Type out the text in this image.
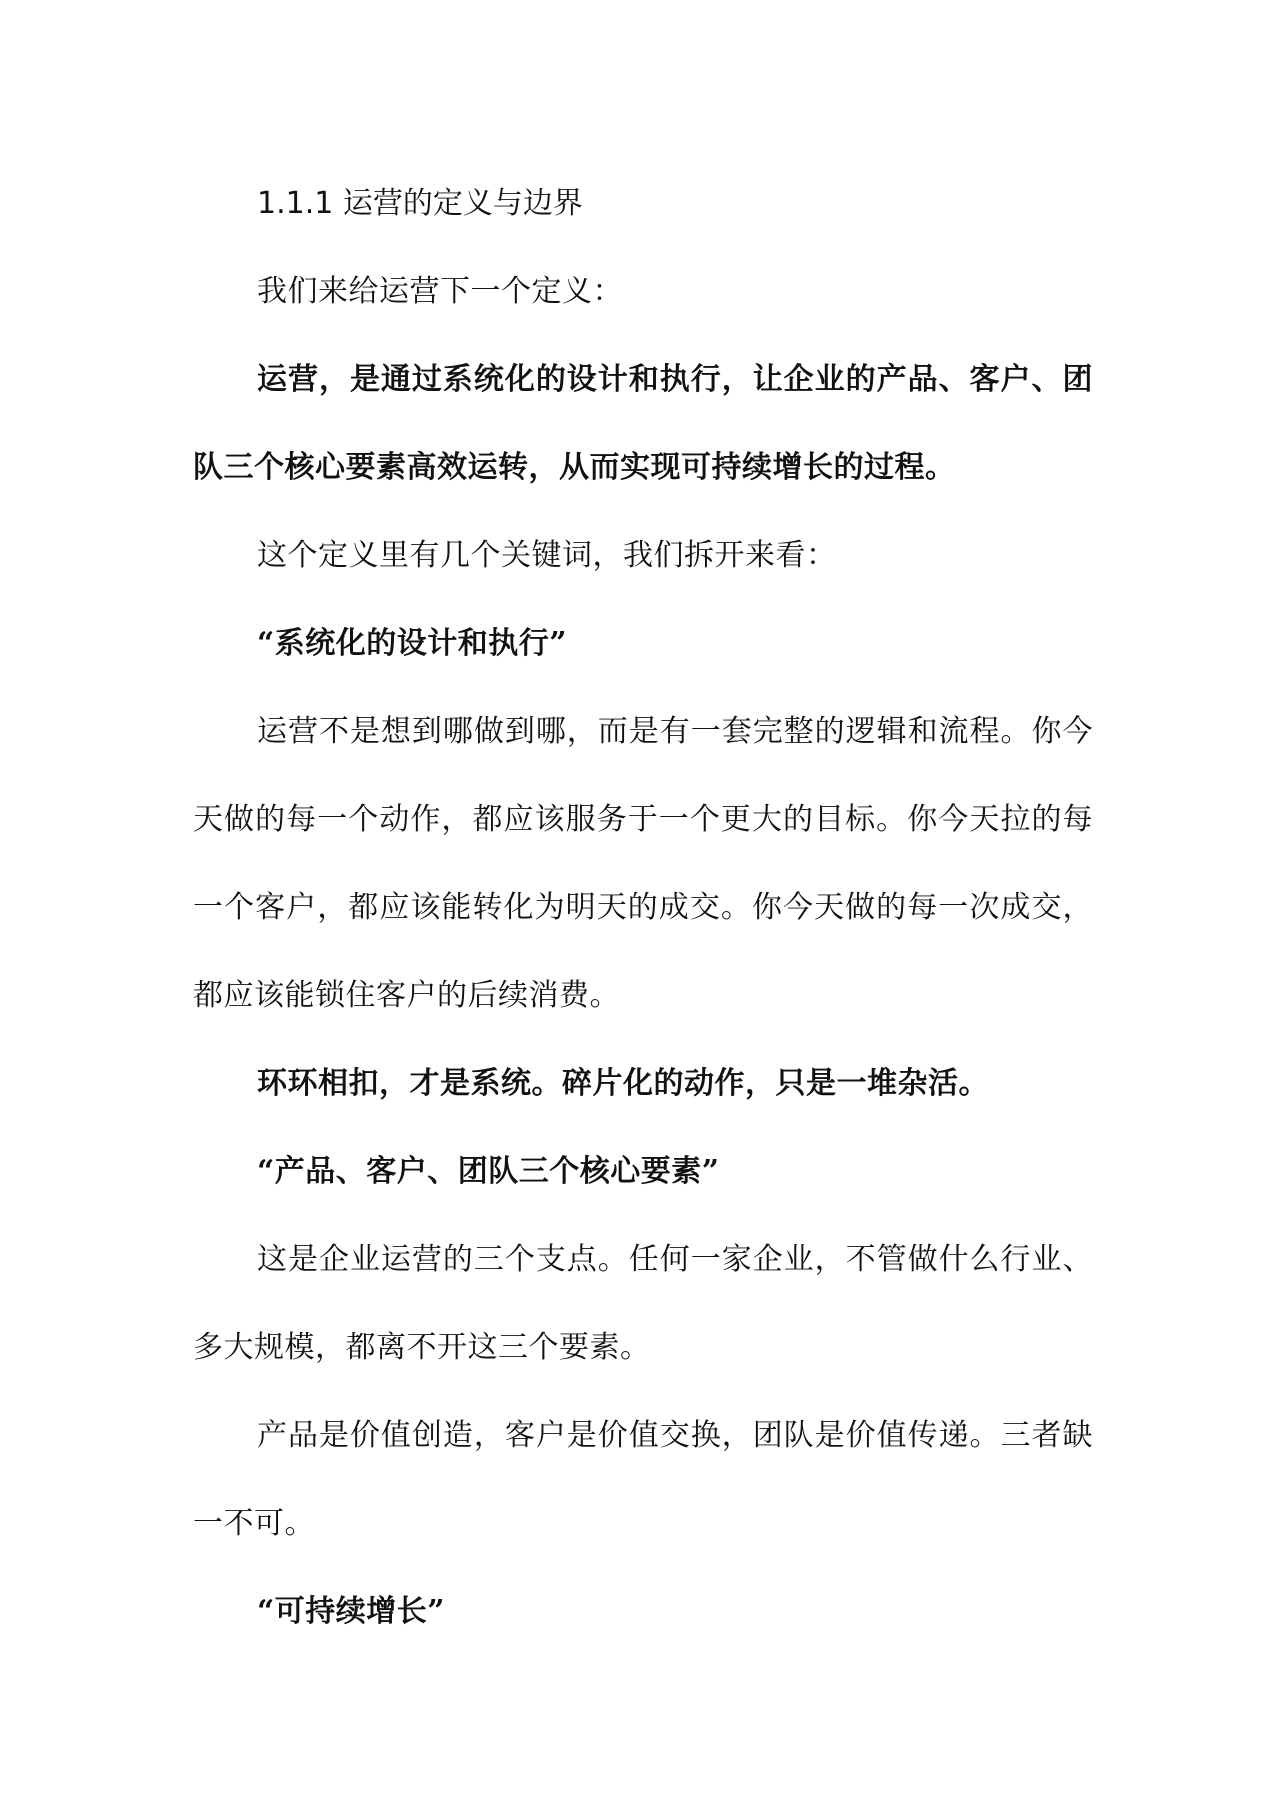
1.1.1 运营的定义与边界

我们来给运营下一个定义：

运营，是通过系统化的设计和执行，让企业的产品、客户、团队三个核心要素高效运转，从而实现可持续增长的过程。

这个定义里有几个关键词，我们拆开来看：

“系统化的设计和执行”

运营不是想到哪做到哪，而是有一套完整的逻辑和流程。你今天做的每一个动作，都应该服务于一个更大的目标。你今天拉的每一个客户，都应该能转化为明天的成交。你今天做的每一次成交，都应该能锁住客户的后续消费。

环环相扣，才是系统。碎片化的动作，只是一堆杂活。

“产品、客户、团队三个核心要素”

这是企业运营的三个支点。任何一家企业，不管做什么行业、多大规模，都离不开这三个要素。

产品是价值创造，客户是价值交换，团队是价值传递。三者缺一不可。

“可持续增长”
